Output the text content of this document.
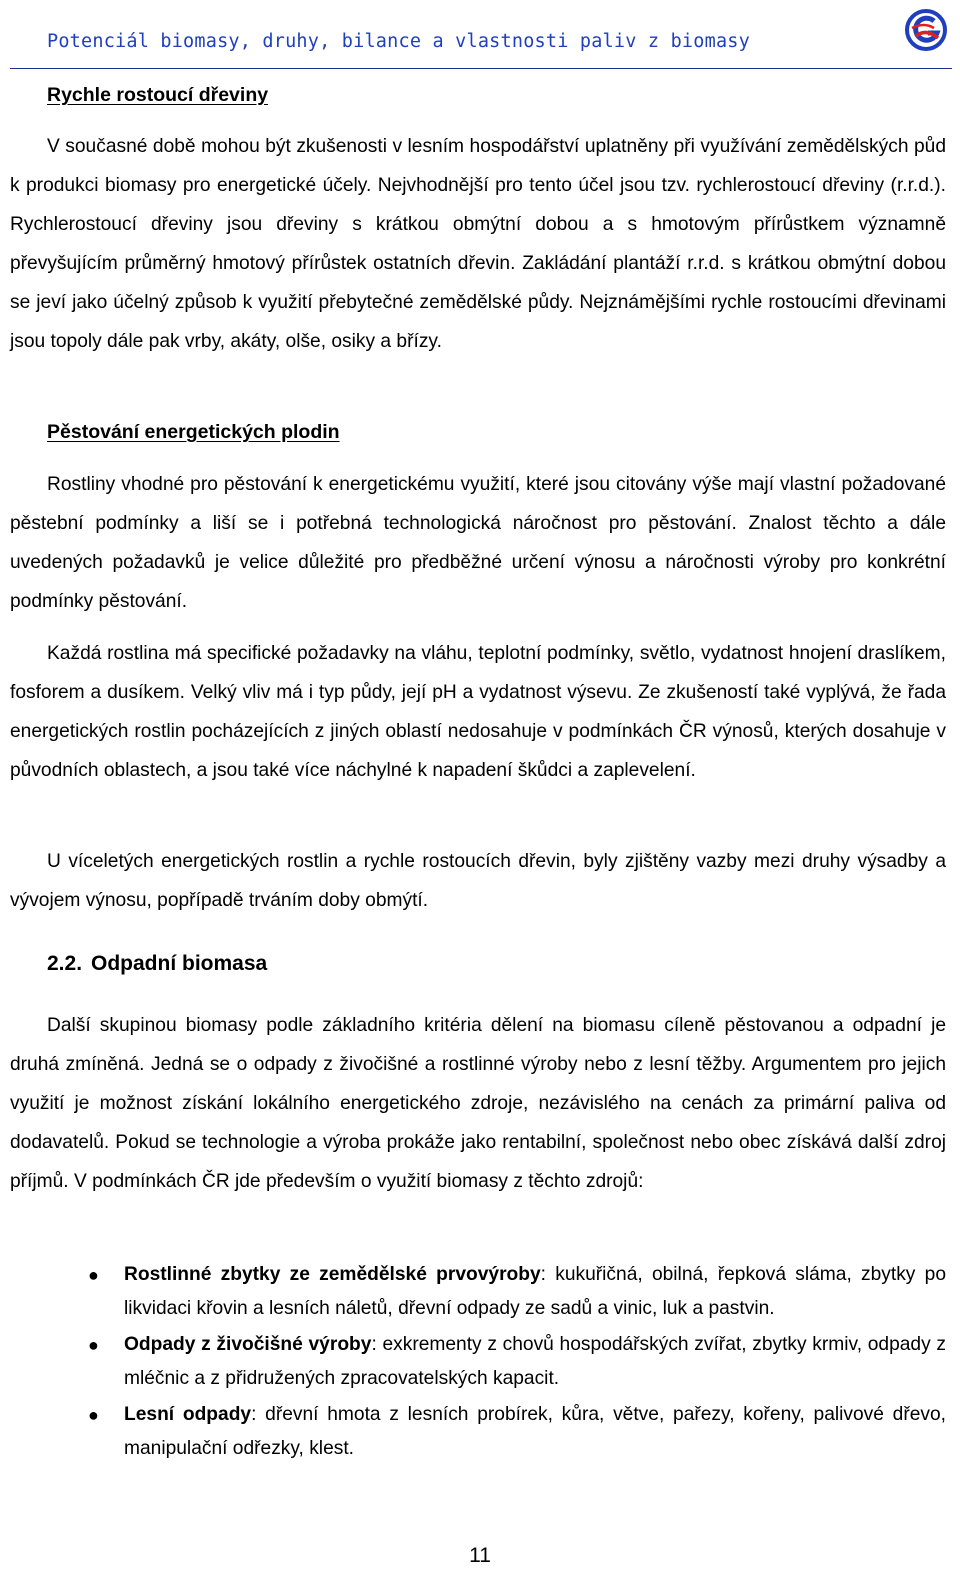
Potenciál biomasy, druhy, bilance a vlastnosti paliv z biomasy
Rychle rostoucí dřeviny

V současné době mohou být zkušenosti v lesním hospodářství uplatněny při využívání zemědělských půd k produkci biomasy pro energetické účely. Nejvhodnější pro tento účel jsou tzv. rychlerostoucí dřeviny (r.r.d.). Rychlerostoucí dřeviny jsou dřeviny s krátkou obmýtní dobou a s hmotovým přírůstkem významně převyšujícím průměrný hmotový přírůstek ostatních dřevin. Zakládání plantáží r.r.d. s krátkou obmýtní dobou se jeví jako účelný způsob k využití přebytečné zemědělské půdy. Nejznámějšími rychle rostoucími dřevinami jsou topoly dále pak vrby, akáty, olše, osiky a břízy.

Pěstování energetických plodin

Rostliny vhodné pro pěstování k energetickému využití, které jsou citovány výše mají vlastní požadované pěstební podmínky a liší se i potřebná technologická náročnost pro pěstování. Znalost těchto a dále uvedených požadavků je velice důležité pro předběžné určení výnosu a náročnosti výroby pro konkrétní podmínky pěstování.

Každá rostlina má specifické požadavky na vláhu, teplotní podmínky, světlo, vydatnost hnojení draslíkem, fosforem a dusíkem. Velký vliv má i typ půdy, její pH a vydatnost výsevu. Ze zkušeností také vyplývá, že řada energetických rostlin pocházejících z jiných oblastí nedosahuje v podmínkách ČR výnosů, kterých dosahuje v původních oblastech, a jsou také více náchylné k napadení škůdci a zaplevelení.

U víceletých energetických rostlin a rychle rostoucích dřevin, byly zjištěny vazby mezi druhy výsadby a vývojem výnosu, popřípadě trváním doby obmýtí.

2.2. Odpadní biomasa

Další skupinou biomasy podle základního kritéria dělení na biomasu cíleně pěstovanou a odpadní je druhá zmíněná. Jedná se o odpady z živočišné a rostlinné výroby nebo z lesní těžby. Argumentem pro jejich využití je možnost získání lokálního energetického zdroje, nezávislého na cenách za primární paliva od dodavatelů. Pokud se technologie a výroba prokáže jako rentabilní, společnost nebo obec získává další zdroj příjmů. V podmínkách ČR jde především o využití biomasy z těchto zdrojů:

● Rostlinné zbytky ze zemědělské prvovýroby: kukuřičná, obilná, řepková sláma, zbytky po likvidaci křovin a lesních náletů, dřevní odpady ze sadů a vinic, luk a pastvin.
● Odpady z živočišné výroby: exkrementy z chovů hospodářských zvířat, zbytky krmiv, odpady z mléčnic a z přidružených zpracovatelských kapacit.
● Lesní odpady: dřevní hmota z lesních probírek, kůra, větve, pařezy, kořeny, palivové dřevo, manipulační odřezky, klest.
11
